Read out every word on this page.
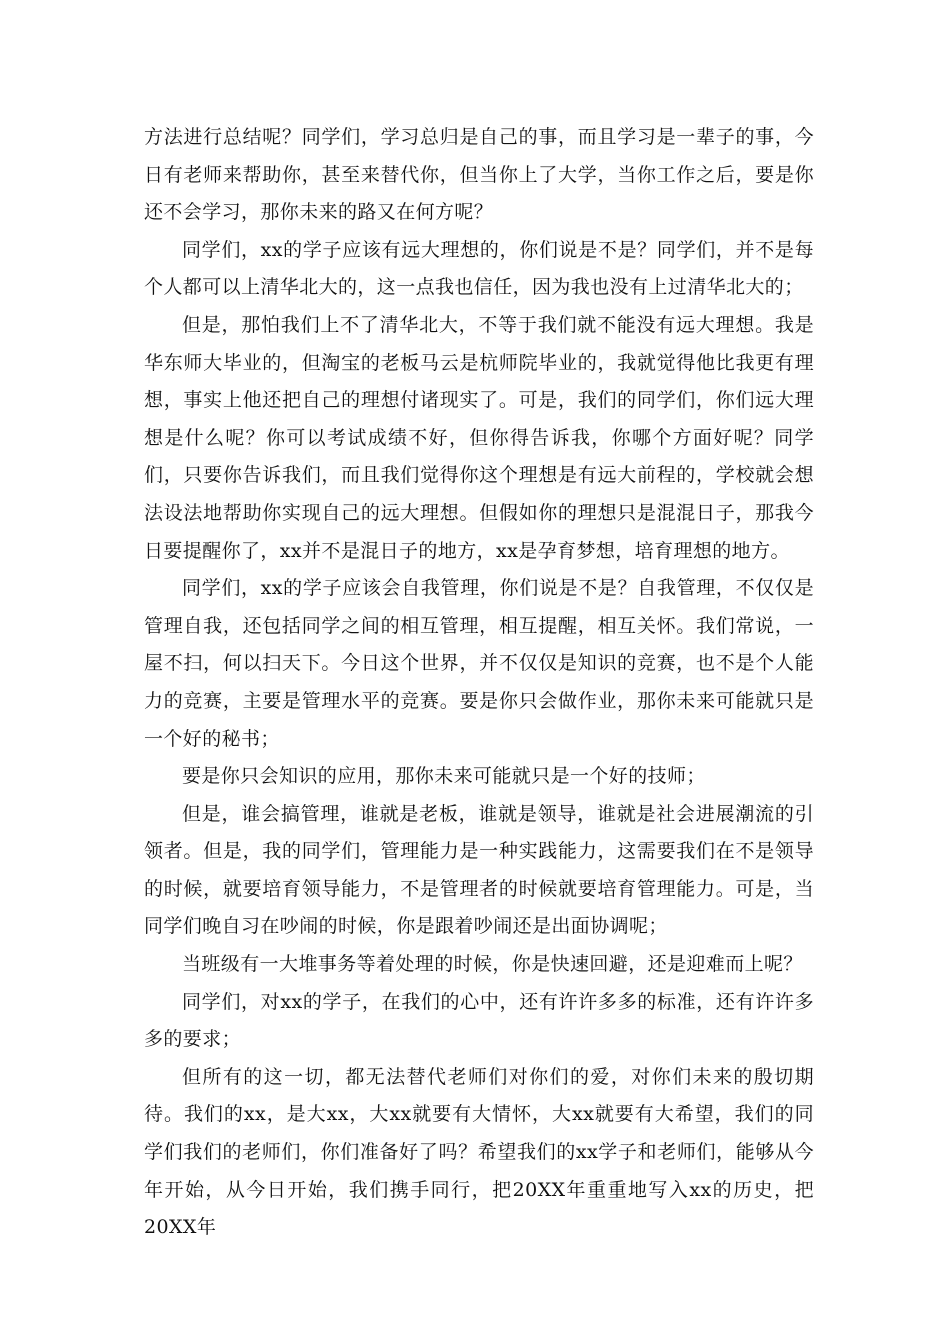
方法进行总结呢？同学们，学习总归是自己的事，而且学习是一辈子的事，今日有老师来帮助你，甚至来替代你，但当你上了大学，当你工作之后，要是你还不会学习，那你未来的路又在何方呢？

同学们，xx的学子应该有远大理想的，你们说是不是？同学们，并不是每个人都可以上清华北大的，这一点我也信任，因为我也没有上过清华北大的；

但是，那怕我们上不了清华北大，不等于我们就不能没有远大理想。我是华东师大毕业的，但淘宝的老板马云是杭师院毕业的，我就觉得他比我更有理想，事实上他还把自己的理想付诸现实了。可是，我们的同学们，你们远大理想是什么呢？你可以考试成绩不好，但你得告诉我，你哪个方面好呢？同学们，只要你告诉我们，而且我们觉得你这个理想是有远大前程的，学校就会想法设法地帮助你实现自己的远大理想。但假如你的理想只是混混日子，那我今日要提醒你了，xx并不是混日子的地方，xx是孕育梦想，培育理想的地方。

同学们，xx的学子应该会自我管理，你们说是不是？自我管理，不仅仅是管理自我，还包括同学之间的相互管理，相互提醒，相互关怀。我们常说，一屋不扫，何以扫天下。今日这个世界，并不仅仅是知识的竞赛，也不是个人能力的竞赛，主要是管理水平的竞赛。要是你只会做作业，那你未来可能就只是一个好的秘书；

要是你只会知识的应用，那你未来可能就只是一个好的技师；

但是，谁会搞管理，谁就是老板，谁就是领导，谁就是社会进展潮流的引领者。但是，我的同学们，管理能力是一种实践能力，这需要我们在不是领导的时候，就要培育领导能力，不是管理者的时候就要培育管理能力。可是，当同学们晚自习在吵闹的时候，你是跟着吵闹还是出面协调呢；

当班级有一大堆事务等着处理的时候，你是快速回避，还是迎难而上呢？

同学们，对xx的学子，在我们的心中，还有许许多多的标准，还有许许多多的要求；

但所有的这一切，都无法替代老师们对你们的爱，对你们未来的殷切期待。我们的xx，是大xx，大xx就要有大情怀，大xx就要有大希望，我们的同学们我们的老师们，你们准备好了吗？希望我们的xx学子和老师们，能够从今年开始，从今日开始，我们携手同行，把20XX年重重地写入xx的历史，把20XX年
